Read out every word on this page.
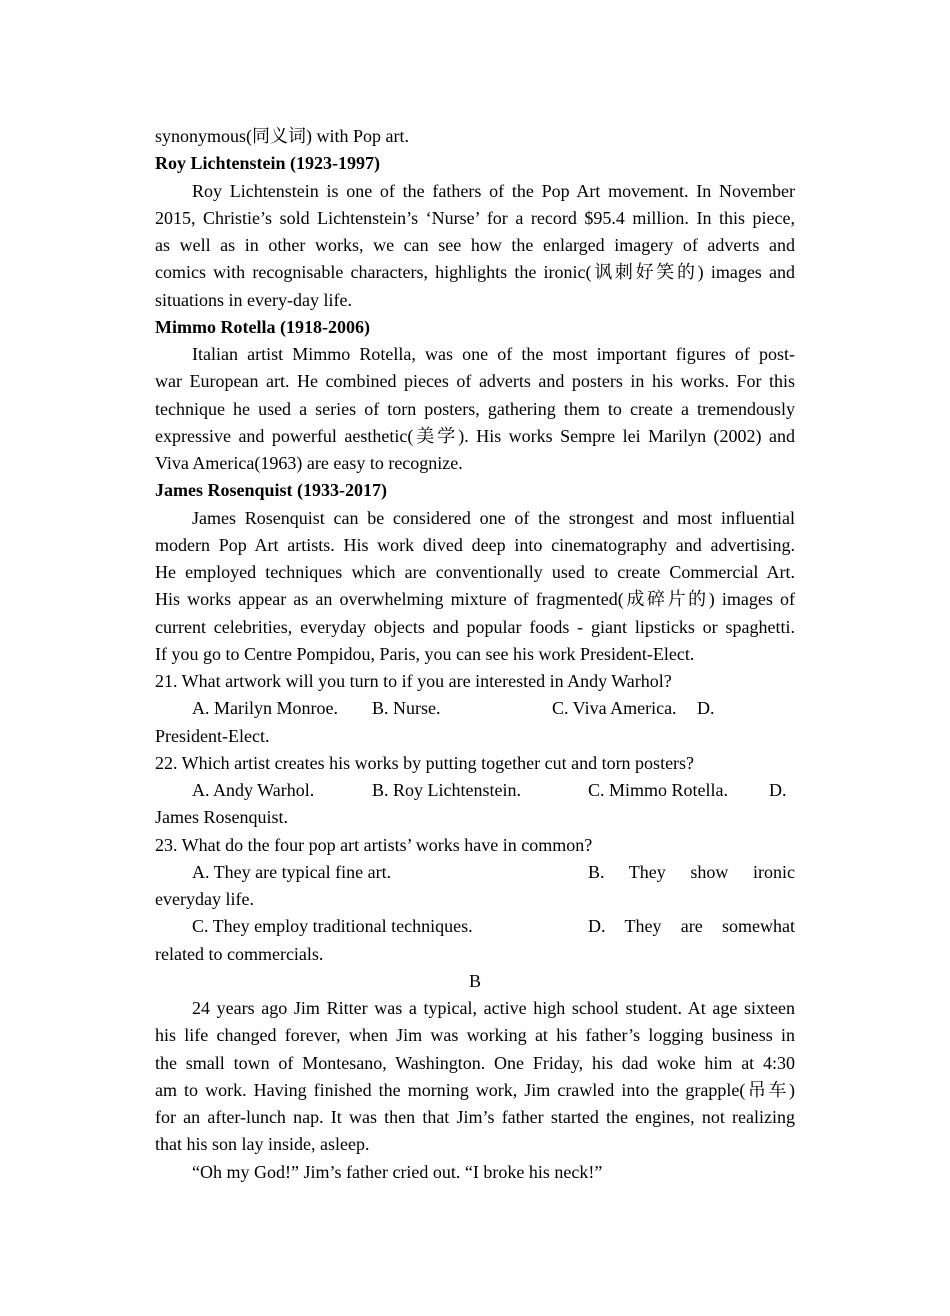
synonymous(同义词) with Pop art.
Roy Lichtenstein (1923-1997)
Roy Lichtenstein is one of the fathers of the Pop Art movement. In November
2015, Christie’s sold Lichtenstein’s ‘Nurse’ for a record $95.4 million. In this piece,
as well as in other works, we can see how the enlarged imagery of adverts and
comics with recognisable characters, highlights the ironic(讽刺好笑的) images and
situations in every-day life.
Mimmo Rotella (1918-2006)
Italian artist Mimmo Rotella, was one of the most important figures of post-
war European art. He combined pieces of adverts and posters in his works. For this
technique he used a series of torn posters, gathering them to create a tremendously
expressive and powerful aesthetic(美学). His works Sempre lei Marilyn (2002) and
Viva America(1963) are easy to recognize.
James Rosenquist (1933-2017)
James Rosenquist can be considered one of the strongest and most influential
modern Pop Art artists. His work dived deep into cinematography and advertising.
He employed techniques which are conventionally used to create Commercial Art.
His works appear as an overwhelming mixture of fragmented(成碎片的) images of
current celebrities, everyday objects and popular foods - giant lipsticks or spaghetti.
If you go to Centre Pompidou, Paris, you can see his work President-Elect.
21. What artwork will you turn to if you are interested in Andy Warhol?
A. Marilyn Monroe. B. Nurse.	C. Viva America. D.
President-Elect.
22. Which artist creates his works by putting together cut and torn posters?
A. Andy Warhol.	B. Roy Lichtenstein.	C. Mimmo Rotella. D.
James Rosenquist.
23. What do the four pop art artists’ works have in common?
A. They are typical fine art.	B. They show ironic
everyday life.
C. They employ traditional techniques.	D. They are somewhat
related to commercials.
B
24 years ago Jim Ritter was a typical, active high school student. At age sixteen
his life changed forever, when Jim was working at his father’s logging business in
the small town of Montesano, Washington. One Friday, his dad woke him at 4:30
am to work. Having finished the morning work, Jim crawled into the grapple(吊车)
for an after-lunch nap. It was then that Jim’s father started the engines, not realizing
that his son lay inside, asleep.
“Oh my God!” Jim’s father cried out. “I broke his neck!”
